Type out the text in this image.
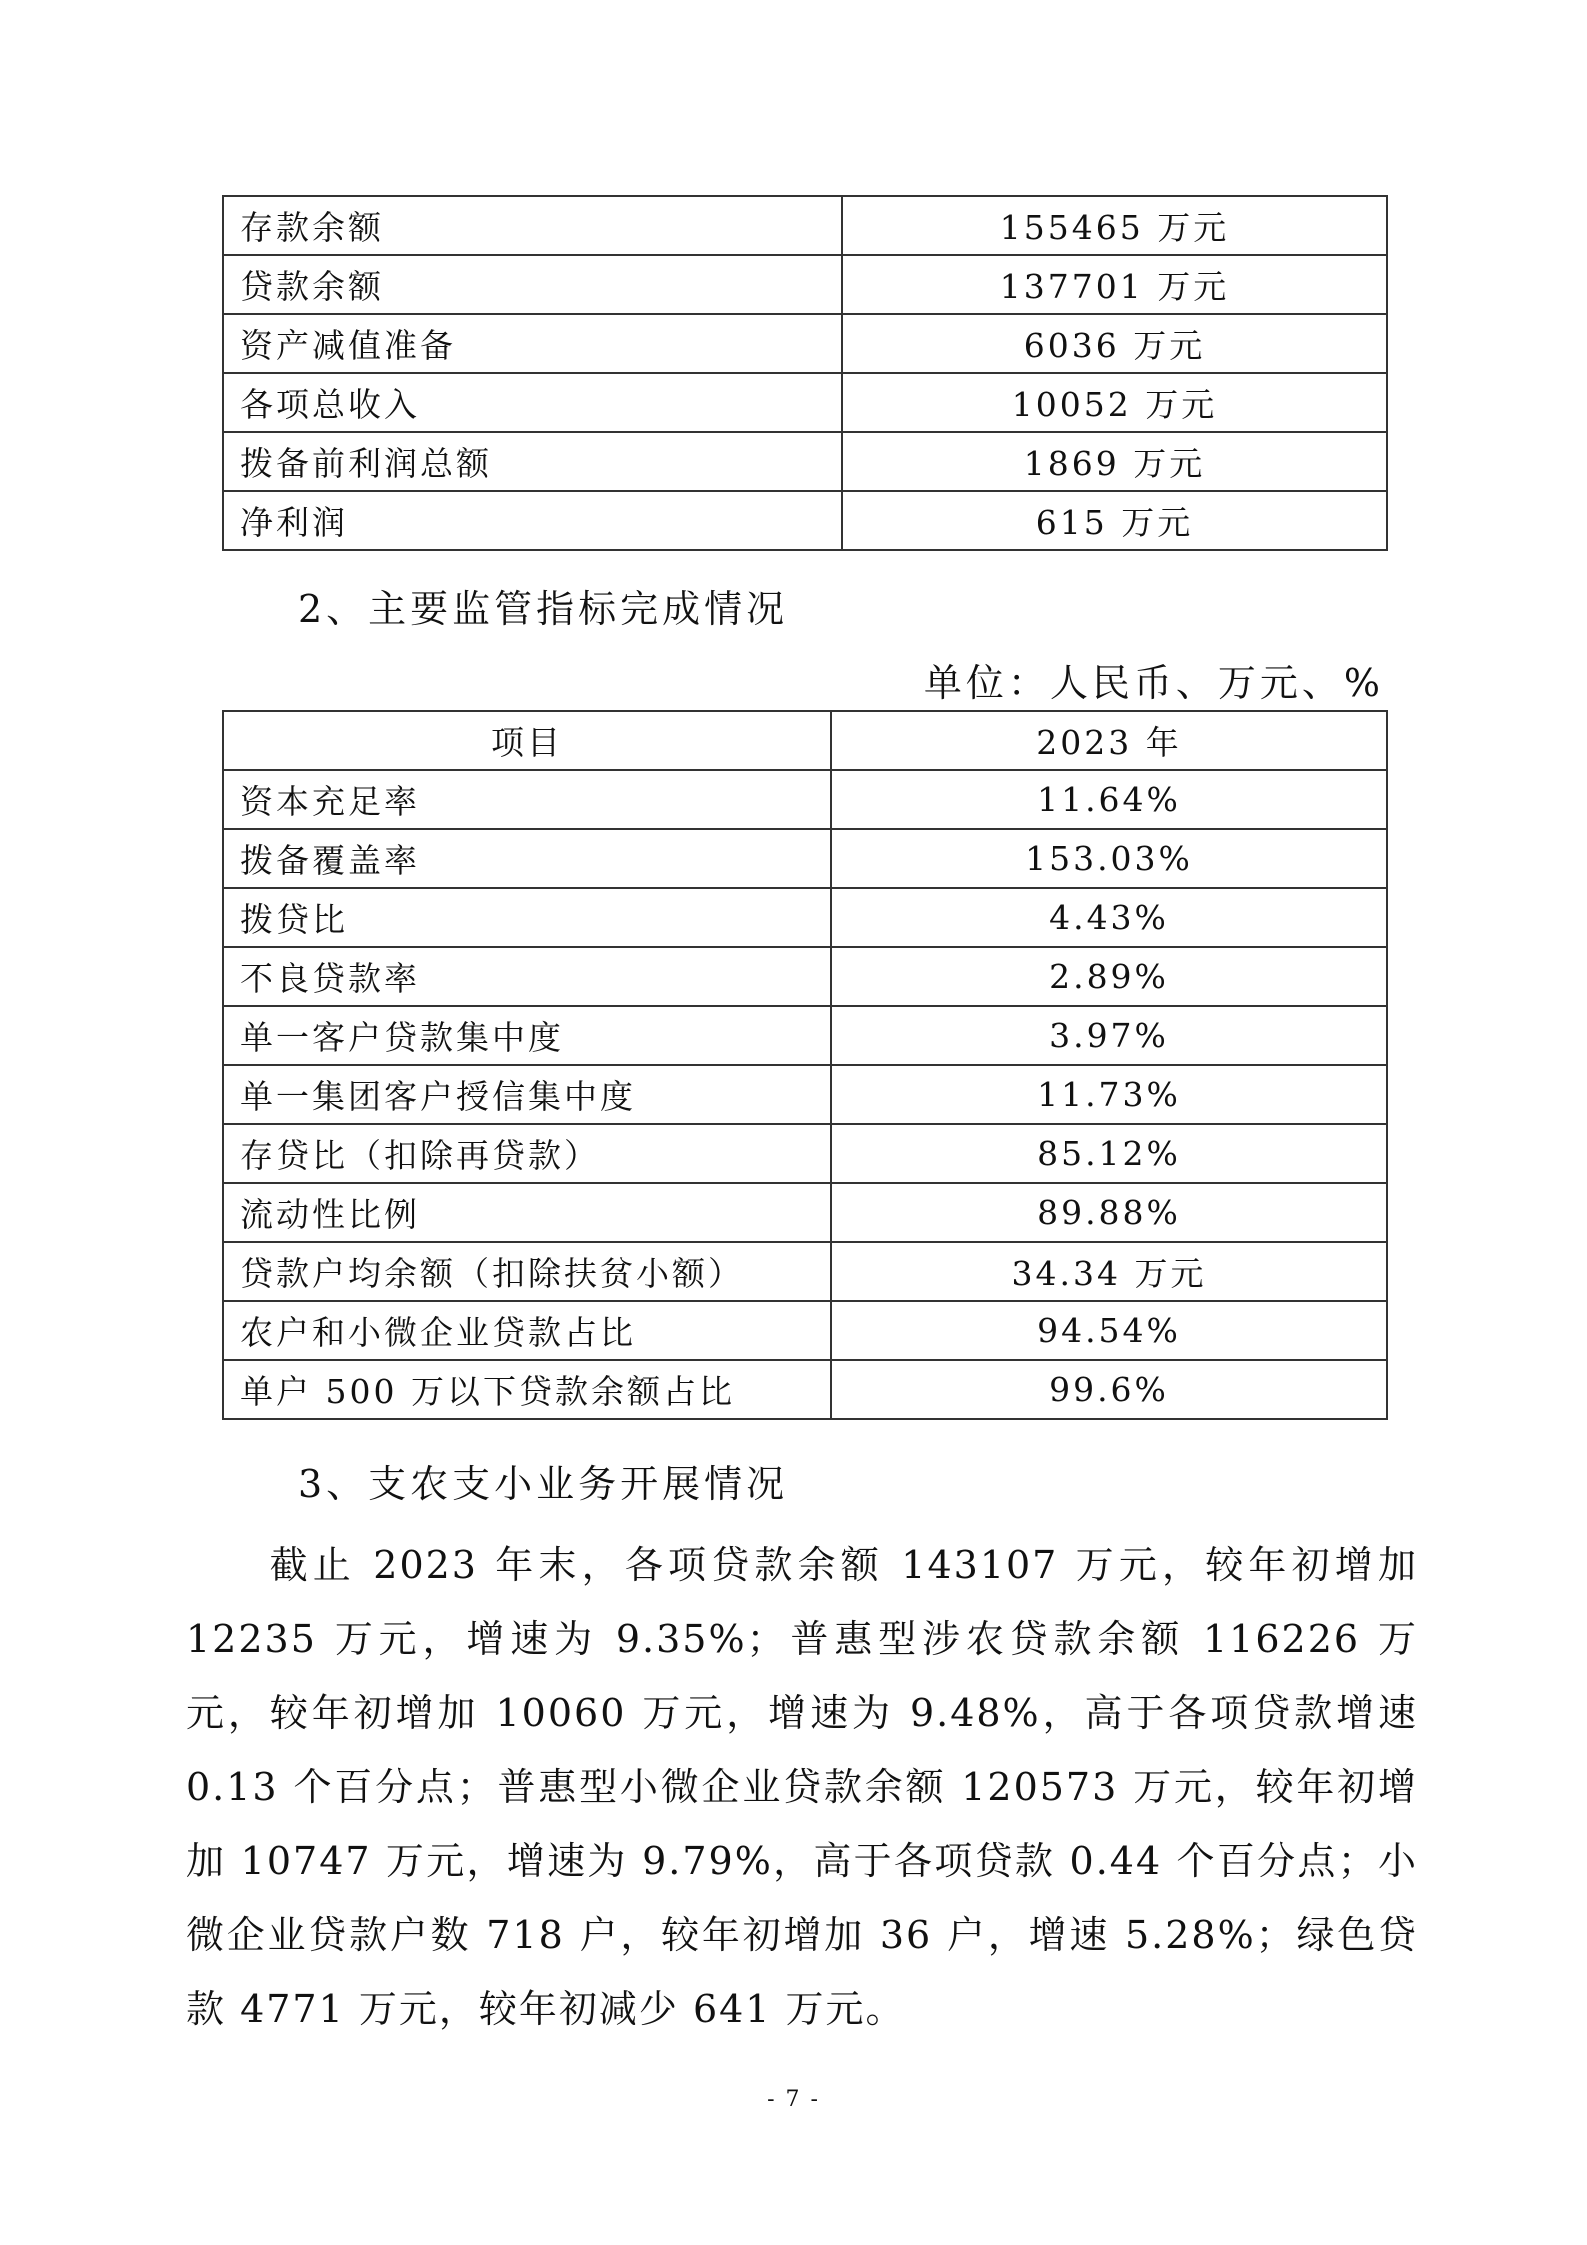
存款余额	155465 万元
贷款余额	137701 万元
资产减值准备	6036 万元
各项总收入	10052 万元
拨备前利润总额	1869 万元
净利润	615 万元
2、主要监管指标完成情况
单位：人民币、万元、%
项目	2023 年
资本充足率	11.64%
拨备覆盖率	153.03%
拨贷比	4.43%
不良贷款率	2.89%
单一客户贷款集中度	3.97%
单一集团客户授信集中度	11.73%
存贷比（扣除再贷款）	85.12%
流动性比例	89.88%
贷款户均余额（扣除扶贫小额）	34.34 万元
农户和小微企业贷款占比	94.54%
单户 500 万以下贷款余额占比	99.6%
3、支农支小业务开展情况

截止 2023 年末，各项贷款余额 143107 万元，较年初增加 12235 万元，增速为 9.35%；普惠型涉农贷款余额 116226 万元，较年初增加 10060 万元，增速为 9.48%，高于各项贷款增速 0.13 个百分点；普惠型小微企业贷款余额 120573 万元，较年初增加 10747 万元，增速为 9.79%，高于各项贷款 0.44 个百分点；小微企业贷款户数 718 户，较年初增加 36 户，增速 5.28%；绿色贷款 4771 万元，较年初减少 641 万元。

- 7 -
